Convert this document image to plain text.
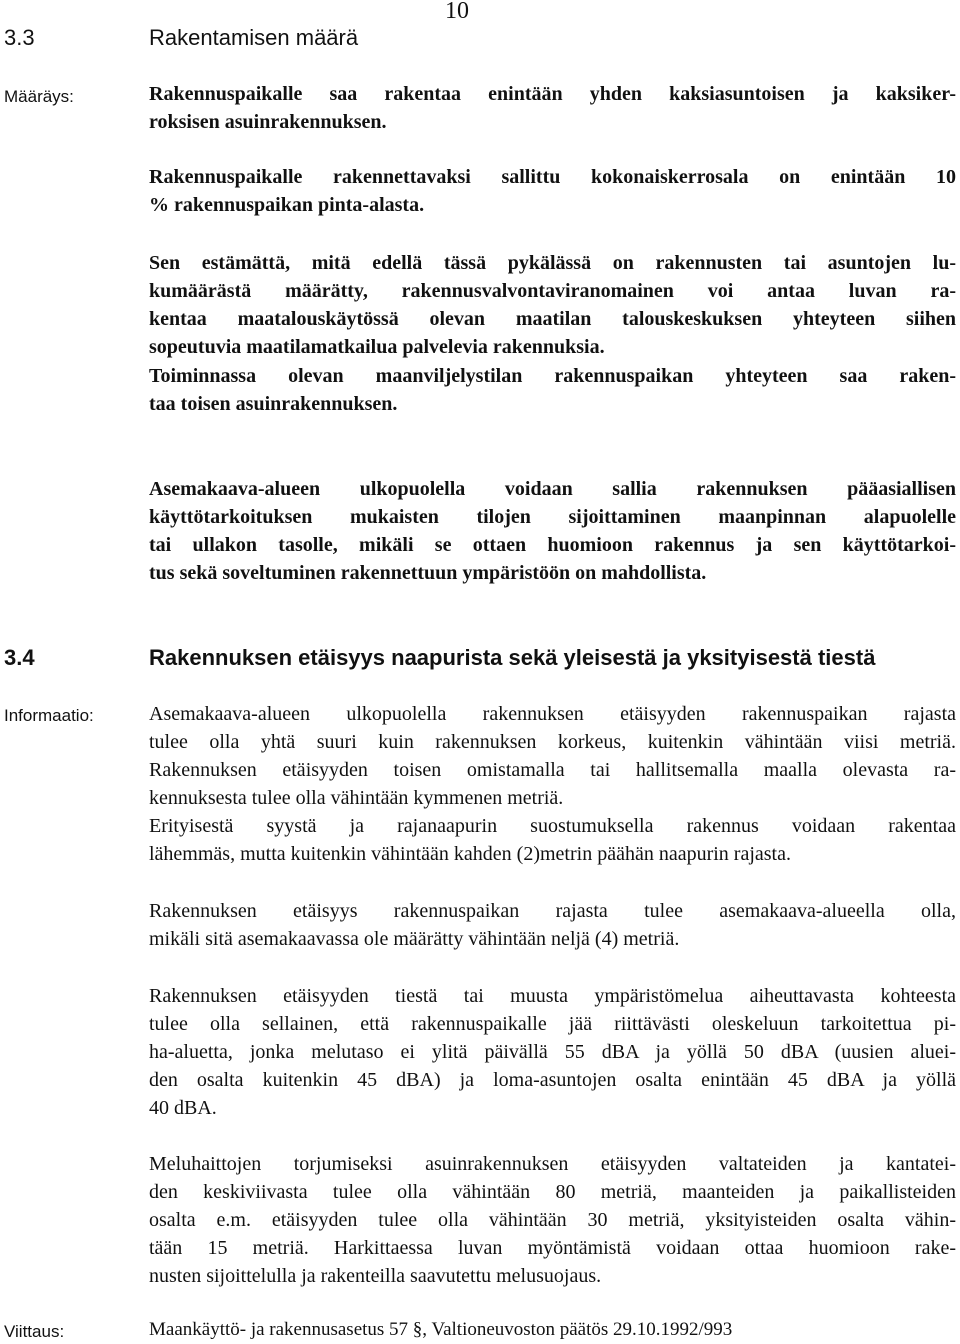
10
3.3	Rakentamisen määrä
Määräys:	Rakennuspaikalle saa rakentaa enintään yhden kaksiasuntoisen ja kaksiker-
roksisen asuinrakennuksen.
Rakennuspaikalle rakennettavaksi sallittu kokonaiskerrosala on enintään 10
% rakennuspaikan pinta-alasta.
Sen estämättä, mitä edellä tässä pykälässä on rakennusten tai asuntojen lu-
kumäärästä määrätty, rakennusvalvontaviranomainen voi antaa luvan ra-
kentaa maatalouskäytössä olevan maatilan talouskeskuksen yhteyteen siihen
sopeutuvia maatilamatkailua palvelevia rakennuksia.
Toiminnassa olevan maanviljelystilan rakennuspaikan yhteyteen saa raken-
taa toisen asuinrakennuksen.
Asemakaava-alueen ulkopuolella voidaan sallia rakennuksen pääasiallisen
käyttötarkoituksen mukaisten tilojen sijoittaminen maanpinnan alapuolelle
tai ullakon tasolle, mikäli se ottaen huomioon rakennus ja sen käyttötarkoi-
tus sekä soveltuminen rakennettuun ympäristöön on mahdollista.
3.4	Rakennuksen etäisyys naapurista sekä yleisestä ja yksityisestä tiestä
Informaatio:	Asemakaava-alueen ulkopuolella rakennuksen etäisyyden rakennuspaikan rajasta
tulee olla yhtä suuri kuin rakennuksen korkeus, kuitenkin vähintään viisi metriä.
Rakennuksen etäisyyden toisen omistamalla tai hallitsemalla maalla olevasta ra-
kennuksesta tulee olla vähintään kymmenen metriä.
Erityisestä syystä ja rajanaapurin suostumuksella rakennus voidaan rakentaa
lähemmäs, mutta kuitenkin vähintään kahden (2)metrin päähän naapurin rajasta.
Rakennuksen etäisyys rakennuspaikan rajasta tulee asemakaava-alueella olla,
mikäli sitä asemakaavassa ole määrätty vähintään neljä (4) metriä.
Rakennuksen etäisyyden tiestä tai muusta ympäristömelua aiheuttavasta kohteesta
tulee olla sellainen, että rakennuspaikalle jää riittävästi oleskeluun tarkoitettua pi-
ha-aluetta, jonka melutaso ei ylitä päivällä 55 dBA ja yöllä 50 dBA (uusien aluei-
den osalta kuitenkin 45 dBA) ja loma-asuntojen osalta enintään 45 dBA ja yöllä
40 dBA.
Meluhaittojen torjumiseksi asuinrakennuksen etäisyyden valtateiden ja kantatei-
den keskiviivasta tulee olla vähintään 80 metriä, maanteiden ja paikallisteiden
osalta e.m. etäisyyden tulee olla vähintään 30 metriä, yksityisteiden osalta vähin-
tään 15 metriä. Harkittaessa luvan myöntämistä voidaan ottaa huomioon rake-
nusten sijoittelulla ja rakenteilla saavutettu melusuojaus.
Viittaus:	Maankäyttö- ja rakennusasetus 57 §, Valtioneuvoston päätös 29.10.1992/993
